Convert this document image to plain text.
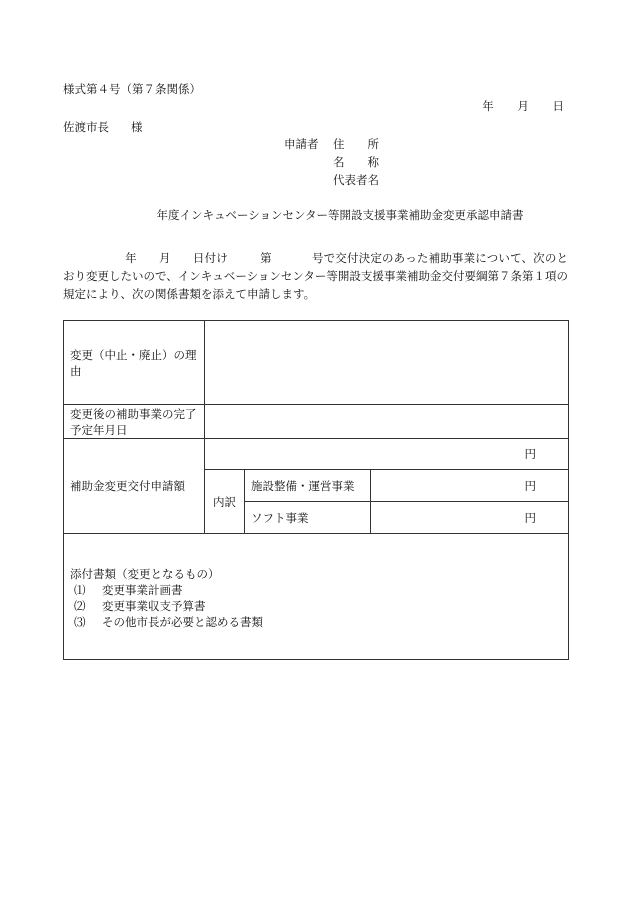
様式第４号（第７条関係）
年 月 日
佐渡市長 様
申請者	住　　所
名　　称
代表者名
年度インキュベーションセンター等開設支援事業補助金変更承認申請書
年 月 日付け	第	号で交付決定のあった補助事業について、次のとおり変更したいので、インキュベーションセンター等開設支援事業補助金交付要綱第７条第１項の規定により、次の関係書類を添えて申請します。
変更（中止・廃止）の理由			
変更後の補助事業の完了予定年月日			
補助金変更交付申請額	円		
	内訳	施設整備・運営事業	円
		ソフト事業	円

添付書類（変更となるもの）
⑴ 変更事業計画書
⑵ 変更事業収支予算書
⑶ その他市長が必要と認める書類			
